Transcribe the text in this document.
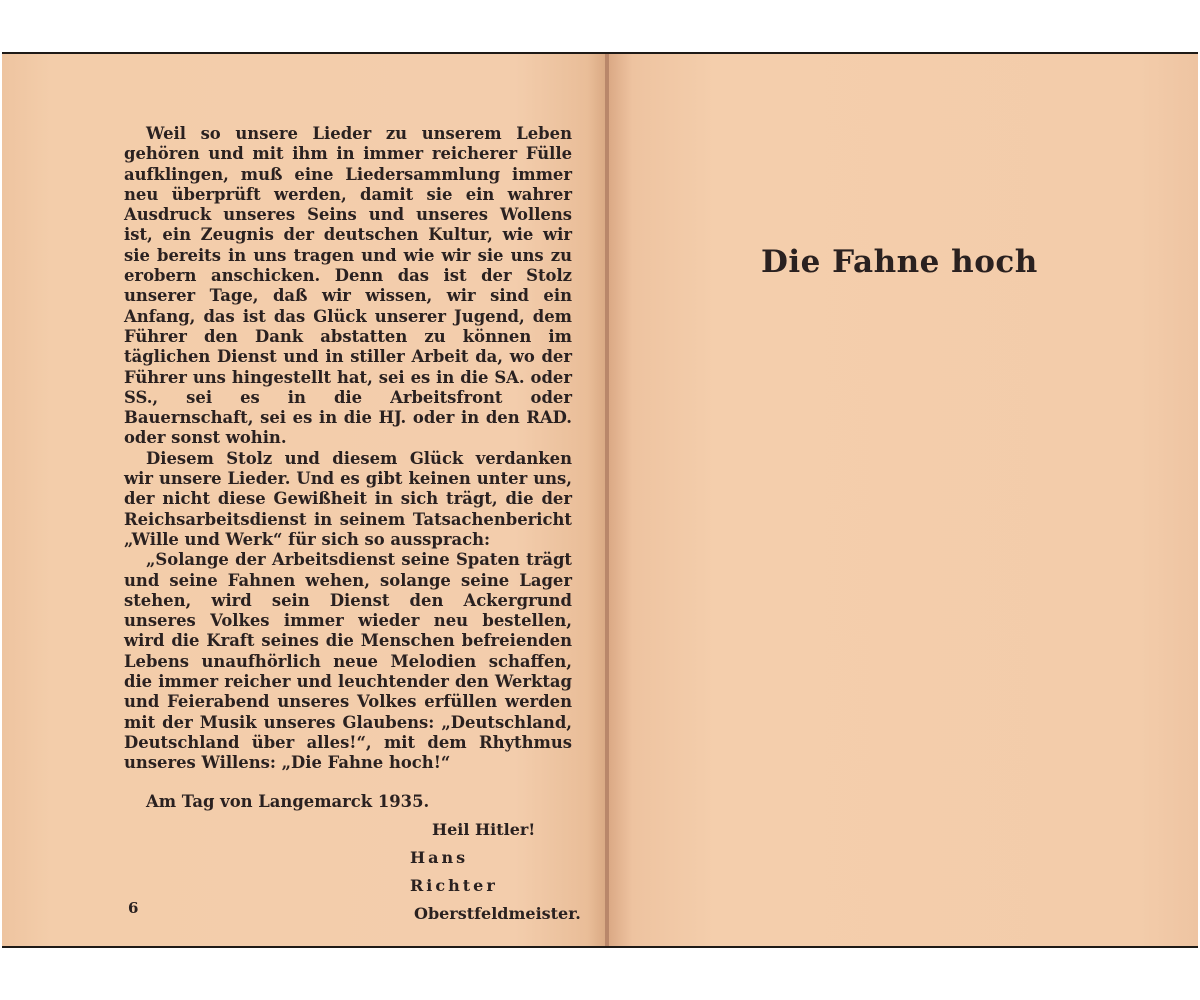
Weil so unsere Lieder zu unserem Leben gehören und mit ihm in immer reicherer Fülle aufklingen, muß eine Liedersammlung immer neu überprüft werden, damit sie ein wahrer Ausdruck unseres Seins und unseres Wollens ist, ein Zeugnis der deutschen Kultur, wie wir sie bereits in uns tragen und wie wir sie uns zu erobern anschicken. Denn das ist der Stolz unserer Tage, daß wir wissen, wir sind ein Anfang, das ist das Glück unserer Jugend, dem Führer den Dank abstatten zu können im täglichen Dienst und in stiller Arbeit da, wo der Führer uns hingestellt hat, sei es in die SA. oder SS., sei es in die Arbeitsfront oder Bauernschaft, sei es in die HJ. oder in den RAD. oder sonst wohin.

Diesem Stolz und diesem Glück verdanken wir unsere Lieder. Und es gibt keinen unter uns, der nicht diese Gewißheit in sich trägt, die der Reichsarbeitsdienst in seinem Tatsachenbericht „Wille und Werk“ für sich so aussprach:

„Solange der Arbeitsdienst seine Spaten trägt und seine Fahnen wehen, solange seine Lager stehen, wird sein Dienst den Ackergrund unseres Volkes immer wieder neu bestellen, wird die Kraft seines die Menschen befreienden Lebens unaufhörlich neue Melodien schaffen, die immer reicher und leuchtender den Werktag und Feierabend unseres Volkes erfüllen werden mit der Musik unseres Glaubens: „Deutschland, Deutschland über alles!“, mit dem Rhythmus unseres Willens: „Die Fahne hoch!“

Am Tag von Langemarck 1935.

Heil Hitler!
Hans Richter
Oberstfeldmeister.
6
Die Fahne hoch
